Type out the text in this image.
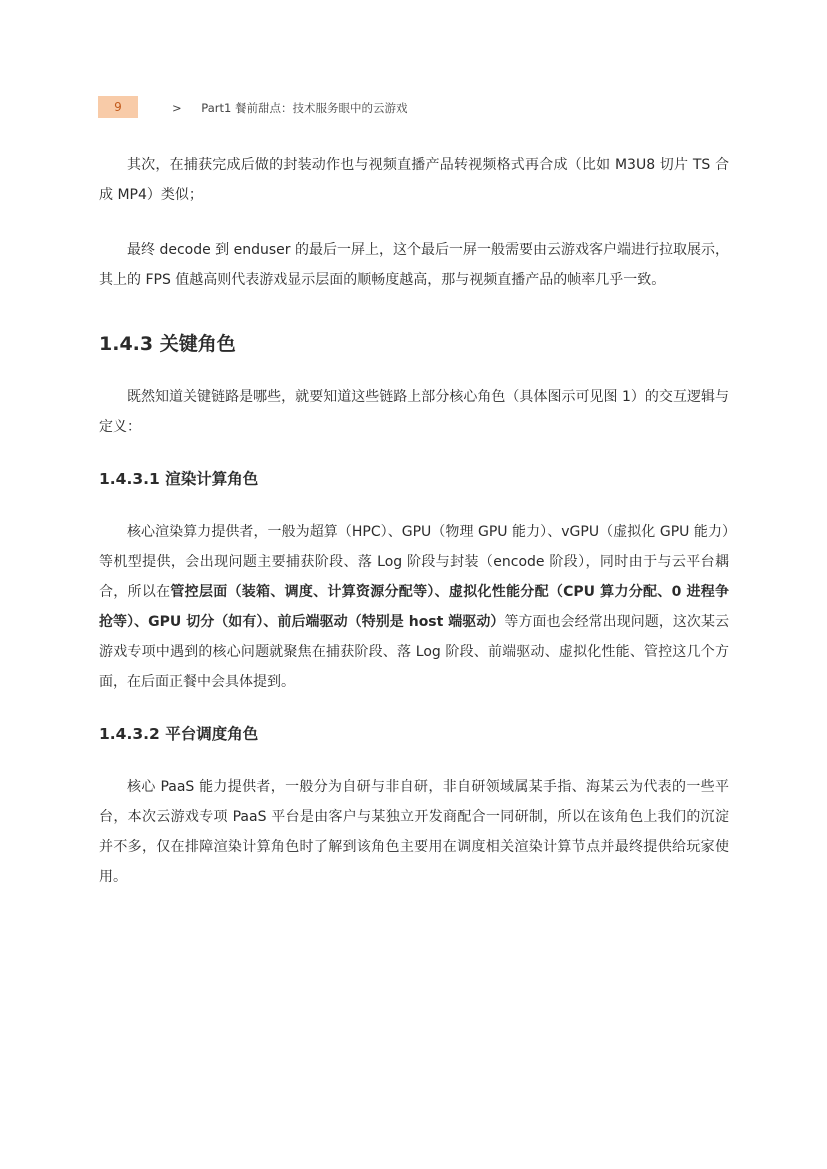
9	> Part1 餐前甜点：技术服务眼中的云游戏

其次，在捕获完成后做的封装动作也与视频直播产品转视频格式再合成（比如 M3U8 切片 TS 合成 MP4）类似；

最终 decode 到 enduser 的最后一屏上，这个最后一屏一般需要由云游戏客户端进行拉取展示，其上的 FPS 值越高则代表游戏显示层面的顺畅度越高，那与视频直播产品的帧率几乎一致。

1.4.3 关键角色

既然知道关键链路是哪些，就要知道这些链路上部分核心角色（具体图示可见图 1）的交互逻辑与定义：

1.4.3.1 渲染计算角色

核心渲染算力提供者，一般为超算（HPC）、GPU（物理 GPU 能力）、vGPU（虚拟化 GPU 能力）等机型提供，会出现问题主要捕获阶段、落 Log 阶段与封装（encode 阶段），同时由于与云平台耦合，所以在管控层面（装箱、调度、计算资源分配等）、虚拟化性能分配（CPU 算力分配、0 进程争抢等）、GPU 切分（如有）、前后端驱动（特别是 host 端驱动）等方面也会经常出现问题，这次某云游戏专项中遇到的核心问题就聚焦在捕获阶段、落 Log 阶段、前端驱动、虚拟化性能、管控这几个方面，在后面正餐中会具体提到。

1.4.3.2 平台调度角色

核心 PaaS 能力提供者，一般分为自研与非自研，非自研领域属某手指、海某云为代表的一些平台，本次云游戏专项 PaaS 平台是由客户与某独立开发商配合一同研制，所以在该角色上我们的沉淀并不多，仅在排障渲染计算角色时了解到该角色主要用在调度相关渲染计算节点并最终提供给玩家使用。
